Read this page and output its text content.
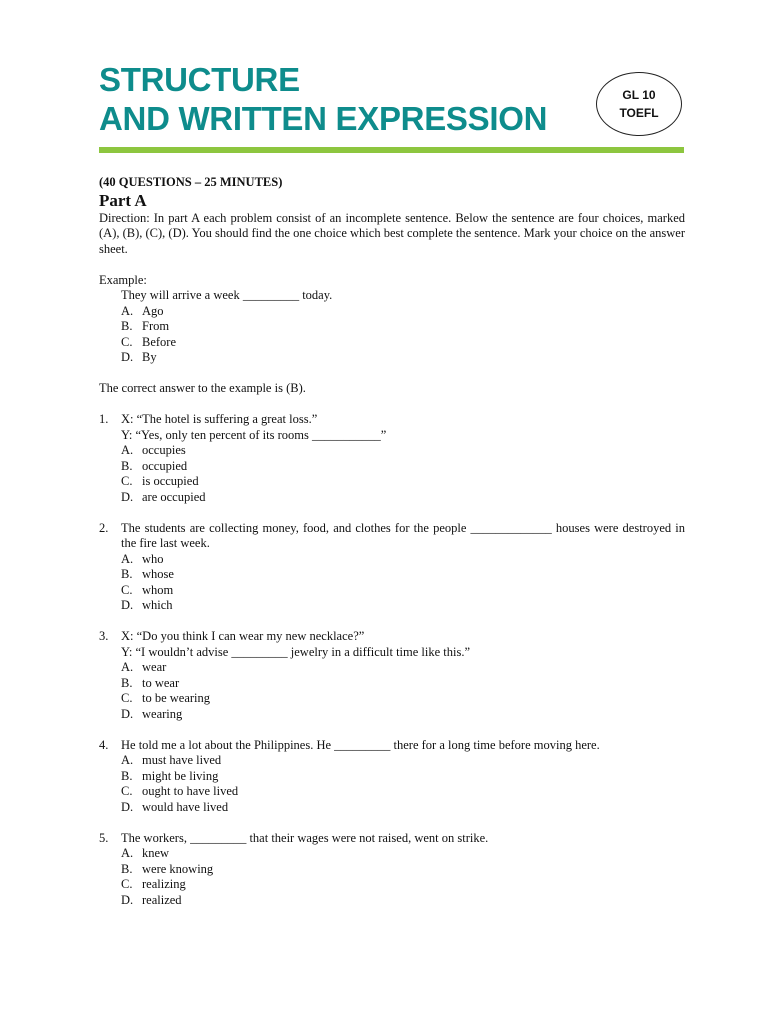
STRUCTURE
AND WRITTEN EXPRESSION
GL 10
TOEFL
(40 QUESTIONS – 25 MINUTES)
Part A

Direction: In part A each problem consist of an incomplete sentence. Below the sentence are four choices, marked (A), (B), (C), (D). You should find the one choice which best complete the sentence. Mark your choice on the answer sheet.

Example:
They will arrive a week _________ today.
A. Ago
B. From
C. Before
D. By
The correct answer to the example is (B).
1.	X: “The hotel is suffering a great loss.”
Y: “Yes, only ten percent of its rooms ___________”
A. occupies
B. occupied
C. is occupied
D. are occupied
2.	The students are collecting money, food, and clothes for the people _____________ houses were destroyed in the fire last week.
A. who
B. whose
C. whom
D. which
3.	X: “Do you think I can wear my new necklace?”
Y: “I wouldn’t advise _________ jewelry in a difficult time like this.”
A. wear
B. to wear
C. to be wearing
D. wearing
4.	He told me a lot about the Philippines. He _________ there for a long time before moving here.
A. must have lived
B. might be living
C. ought to have lived
D. would have lived
5.	The workers, _________ that their wages were not raised, went on strike.
A. knew
B. were knowing
C. realizing
D. realized
